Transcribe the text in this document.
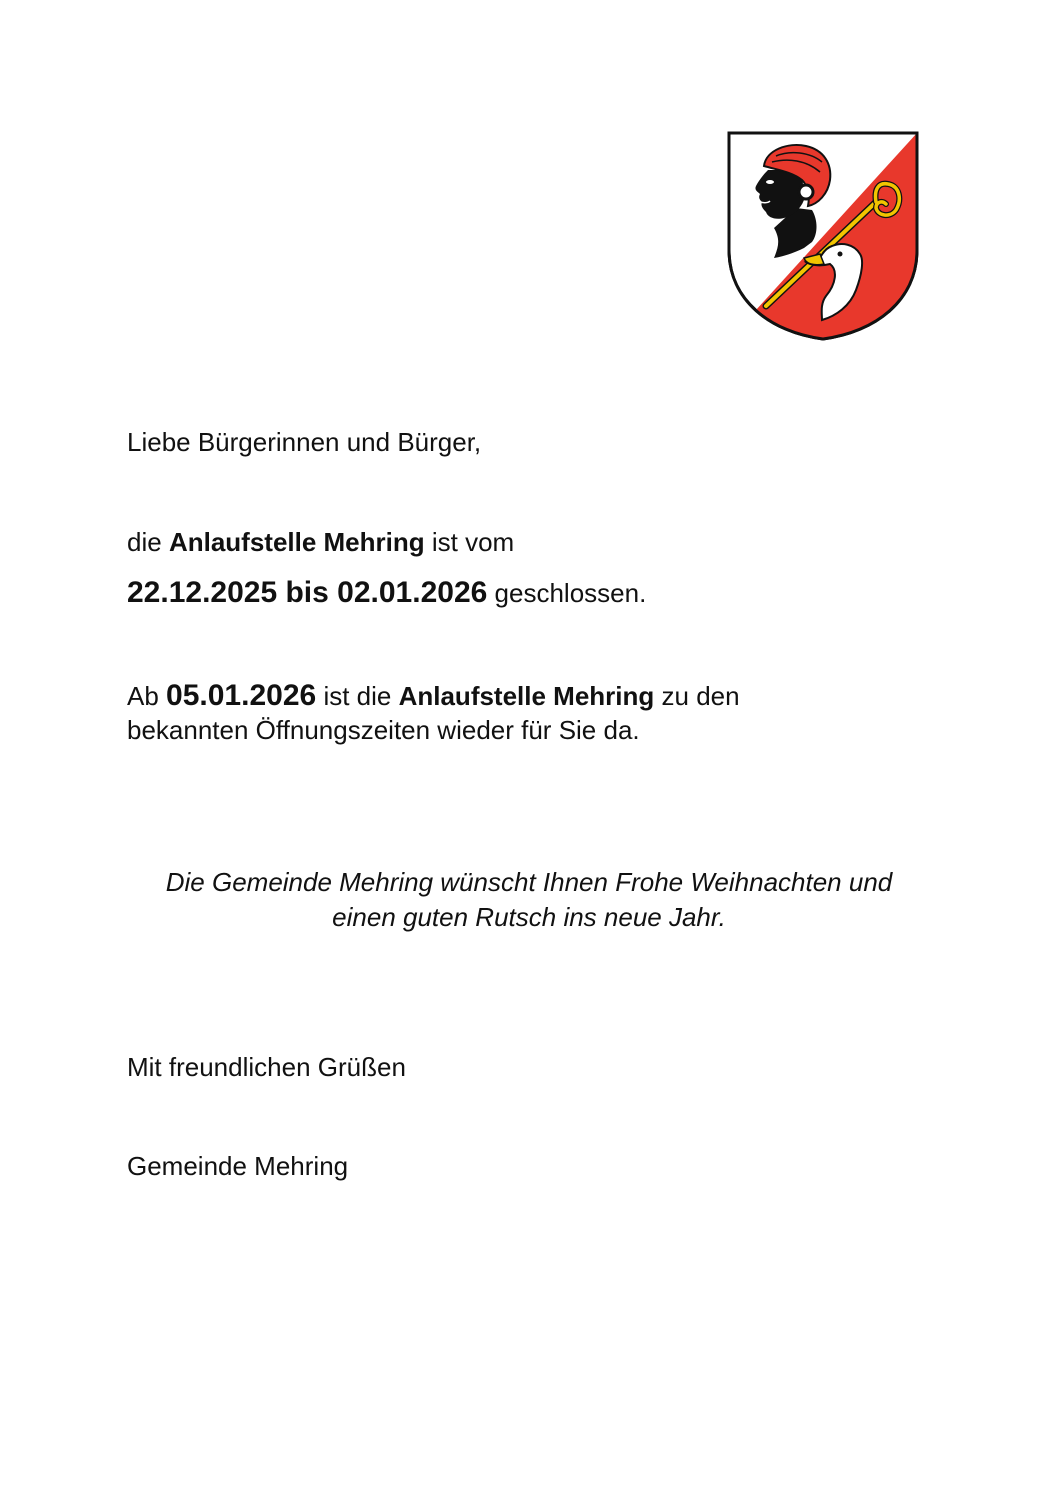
Liebe Bürgerinnen und Bürger,
die Anlaufstelle Mehring ist vom
22.12.2025 bis 02.01.2026 geschlossen.
Ab 05.01.2026 ist die Anlaufstelle Mehring zu den
bekannten Öffnungszeiten wieder für Sie da.
Die Gemeinde Mehring wünscht Ihnen Frohe Weihnachten und
einen guten Rutsch ins neue Jahr.
Mit freundlichen Grüßen
Gemeinde Mehring
